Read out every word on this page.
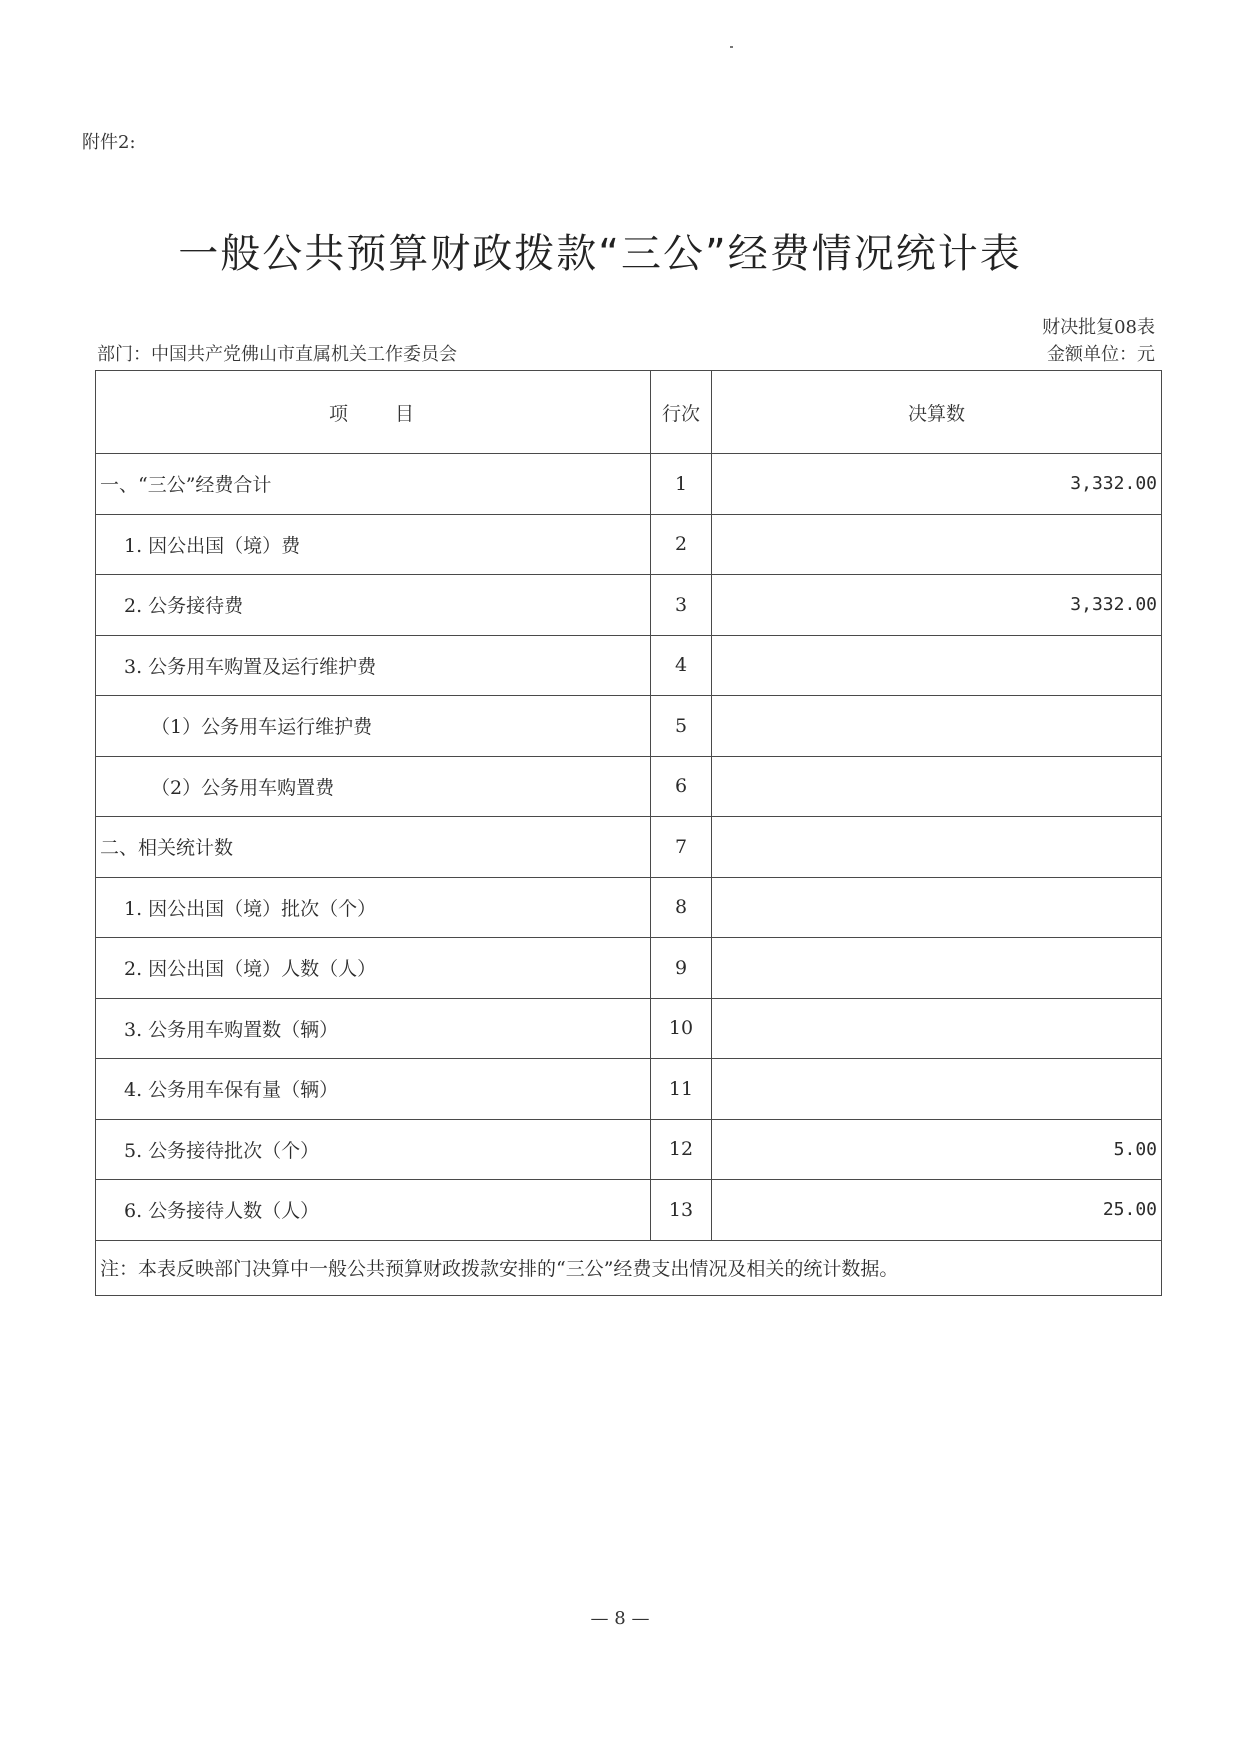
附件2:
一般公共预算财政拨款“三公”经费情况统计表
财决批复08表
金额单位：元
部门：中国共产党佛山市直属机关工作委员会
项　　目	行次	决算数
一、“三公”经费合计	1	3,332.00
1. 因公出国（境）费	2	
2. 公务接待费	3	3,332.00
3. 公务用车购置及运行维护费	4	
（1）公务用车运行维护费	5	
（2）公务用车购置费	6	
二、相关统计数	7	
1. 因公出国（境）批次（个）	8	
2. 因公出国（境）人数（人）	9	
3. 公务用车购置数（辆）	10	
4. 公务用车保有量（辆）	11	
5. 公务接待批次（个）	12	5.00
6. 公务接待人数（人）	13	25.00
注：本表反映部门决算中一般公共预算财政拨款安排的“三公”经费支出情况及相关的统计数据。		
— 8 —
